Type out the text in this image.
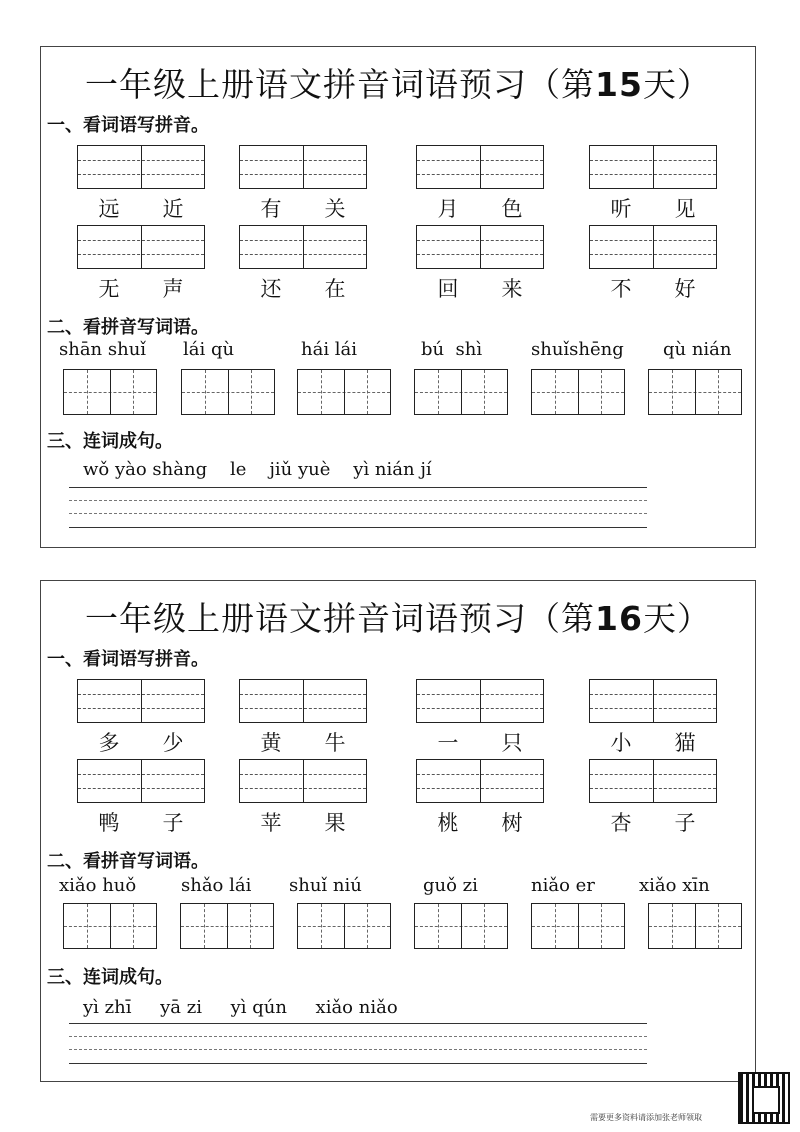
一年级上册语文拼音词语预习（第15天）
一、看词语写拼音。
远 近	有 关	月 色	听 见
无 声	还 在	回 来	不 好
二、看拼音写词语。
shān shuǐ lái qù	hái lái	bú  shì	shuǐshēng qù nián
三、连词成句。
wǒ yào shàng le jiǔ yuè yì nián jí
一年级上册语文拼音词语预习（第16天）
一、看词语写拼音。
多 少	黄 牛	一 只	小 猫
鸭 子	苹 果	桃 树	杏 子
二、看拼音写词语。
xiǎo huǒ shǎo lái shuǐ niú	guǒ zi	niǎo er xiǎo xīn
三、连词成句。
yì zhī yā zi yì qún xiǎo niǎo
需要更多资料请添加张老师领取
